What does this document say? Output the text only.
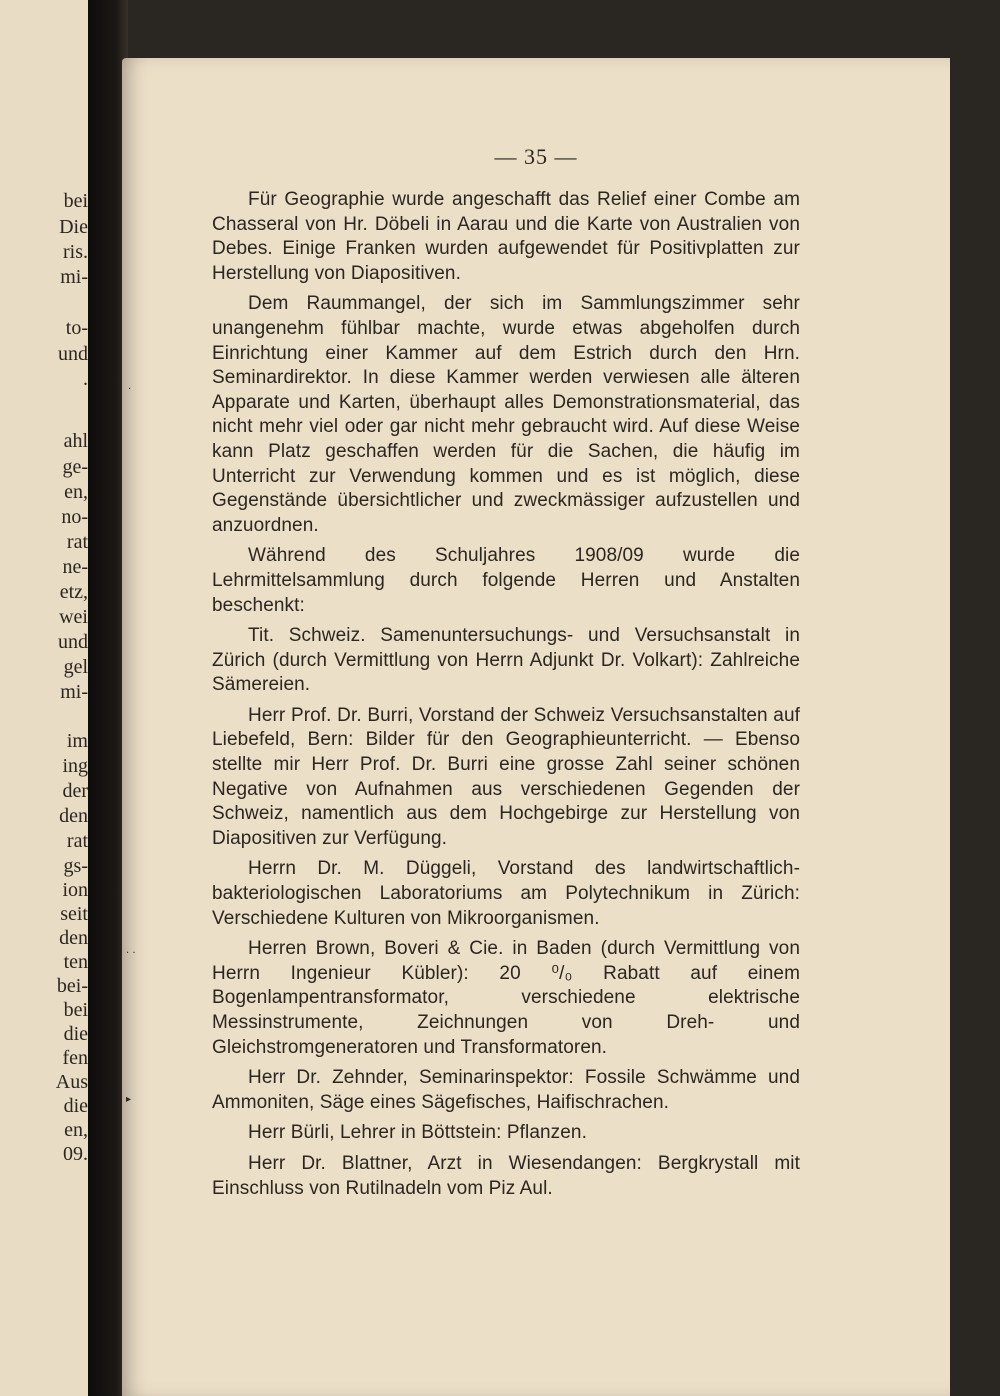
bei
Die
ris.
mi-
to-
und
.
ahl
ge-
en,
no-
rat
ne-
etz,
wei
und
gel
mi-
im
ing
der
den
rat
gs-
ion
seit
den
ten
bei-
bei
die
fen
Aus
die
en,
09.
— 35 —

Für Geographie wurde angeschafft das Relief einer Combe am Chasseral von Hr. Döbeli in Aarau und die Karte von Australien von Debes. Einige Franken wurden aufgewendet für Positivplatten zur Herstellung von Diapositiven.

Dem Raummangel, der sich im Sammlungszimmer sehr unangenehm fühlbar machte, wurde etwas abgeholfen durch Einrichtung einer Kammer auf dem Estrich durch den Hrn. Seminardirektor. In diese Kammer werden verwiesen alle älteren Apparate und Karten, überhaupt alles Demonstrationsmaterial, das nicht mehr viel oder gar nicht mehr gebraucht wird. Auf diese Weise kann Platz geschaffen werden für die Sachen, die häufig im Unterricht zur Verwendung kommen und es ist möglich, diese Gegenstände übersichtlicher und zweckmässiger aufzustellen und anzuordnen.

Während des Schuljahres 1908/09 wurde die Lehrmittelsammlung durch folgende Herren und Anstalten beschenkt:

Tit. Schweiz. Samenuntersuchungs- und Versuchsanstalt in Zürich (durch Vermittlung von Herrn Adjunkt Dr. Volkart): Zahlreiche Sämereien.

Herr Prof. Dr. Burri, Vorstand der Schweiz Versuchsanstalten auf Liebefeld, Bern: Bilder für den Geographieunterricht. — Ebenso stellte mir Herr Prof. Dr. Burri eine grosse Zahl seiner schönen Negative von Aufnahmen aus verschiedenen Gegenden der Schweiz, namentlich aus dem Hochgebirge zur Herstellung von Diapositiven zur Verfügung.

Herrn Dr. M. Düggeli, Vorstand des landwirtschaftlich-bakteriologischen Laboratoriums am Polytechnikum in Zürich: Verschiedene Kulturen von Mikroorganismen.

Herren Brown, Boveri & Cie. in Baden (durch Vermittlung von Herrn Ingenieur Kübler): 20 ⁰/₀ Rabatt auf einem Bogenlampentransformator, verschiedene elektrische Messinstrumente, Zeichnungen von Dreh- und Gleichstromgeneratoren und Transformatoren.

Herr Dr. Zehnder, Seminarinspektor: Fossile Schwämme und Ammoniten, Säge eines Sägefisches, Haifischrachen.

Herr Bürli, Lehrer in Böttstein: Pflanzen.

Herr Dr. Blattner, Arzt in Wiesendangen: Bergkrystall mit Einschluss von Rutilnadeln vom Piz Aul.

·
· ·
▸
